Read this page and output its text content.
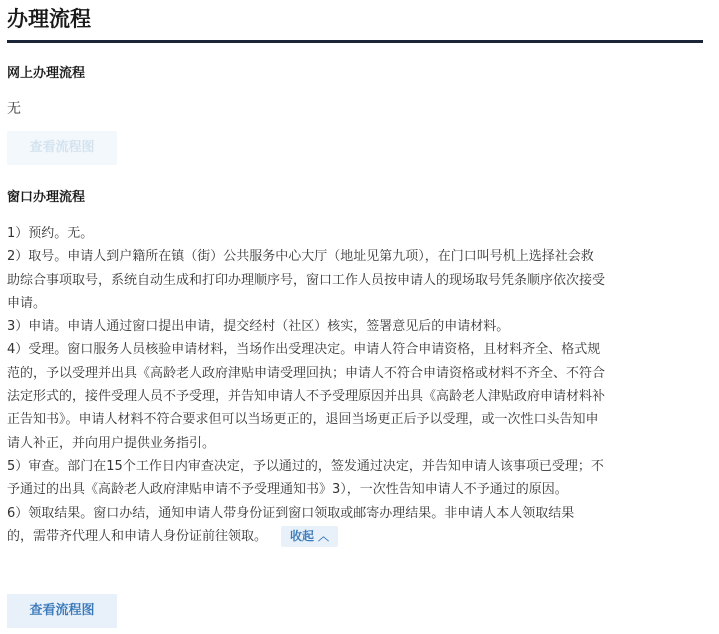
办理流程
网上办理流程
无
查看流程图
窗口办理流程

1）预约。无。

2）取号。申请人到户籍所在镇（街）公共服务中心大厅（地址见第九项），在门口叫号机上选择社会救

助综合事项取号，系统自动生成和打印办理顺序号，窗口工作人员按申请人的现场取号凭条顺序依次接受

申请。

3）申请。申请人通过窗口提出申请，提交经村（社区）核实，签署意见后的申请材料。

4）受理。窗口服务人员核验申请材料，当场作出受理决定。申请人符合申请资格，且材料齐全、格式规

范的，予以受理并出具《高龄老人政府津贴申请受理回执；申请人不符合申请资格或材料不齐全、不符合

法定形式的，接件受理人员不予受理，并告知申请人不予受理原因并出具《高龄老人津贴政府申请材料补

正告知书》。申请人材料不符合要求但可以当场更正的，退回当场更正后予以受理，或一次性口头告知申

请人补正，并向用户提供业务指引。

5）审查。部门在15个工作日内审查决定，予以通过的，签发通过决定，并告知申请人该事项已受理；不

予通过的出具《高龄老人政府津贴申请不予受理通知书》3），一次性告知申请人不予通过的原因。

6）领取结果。窗口办结，通知申请人带身份证到窗口领取或邮寄办理结果。非申请人本人领取结果

的，需带齐代理人和申请人身份证前往领取。 收起 ︿

查看流程图
